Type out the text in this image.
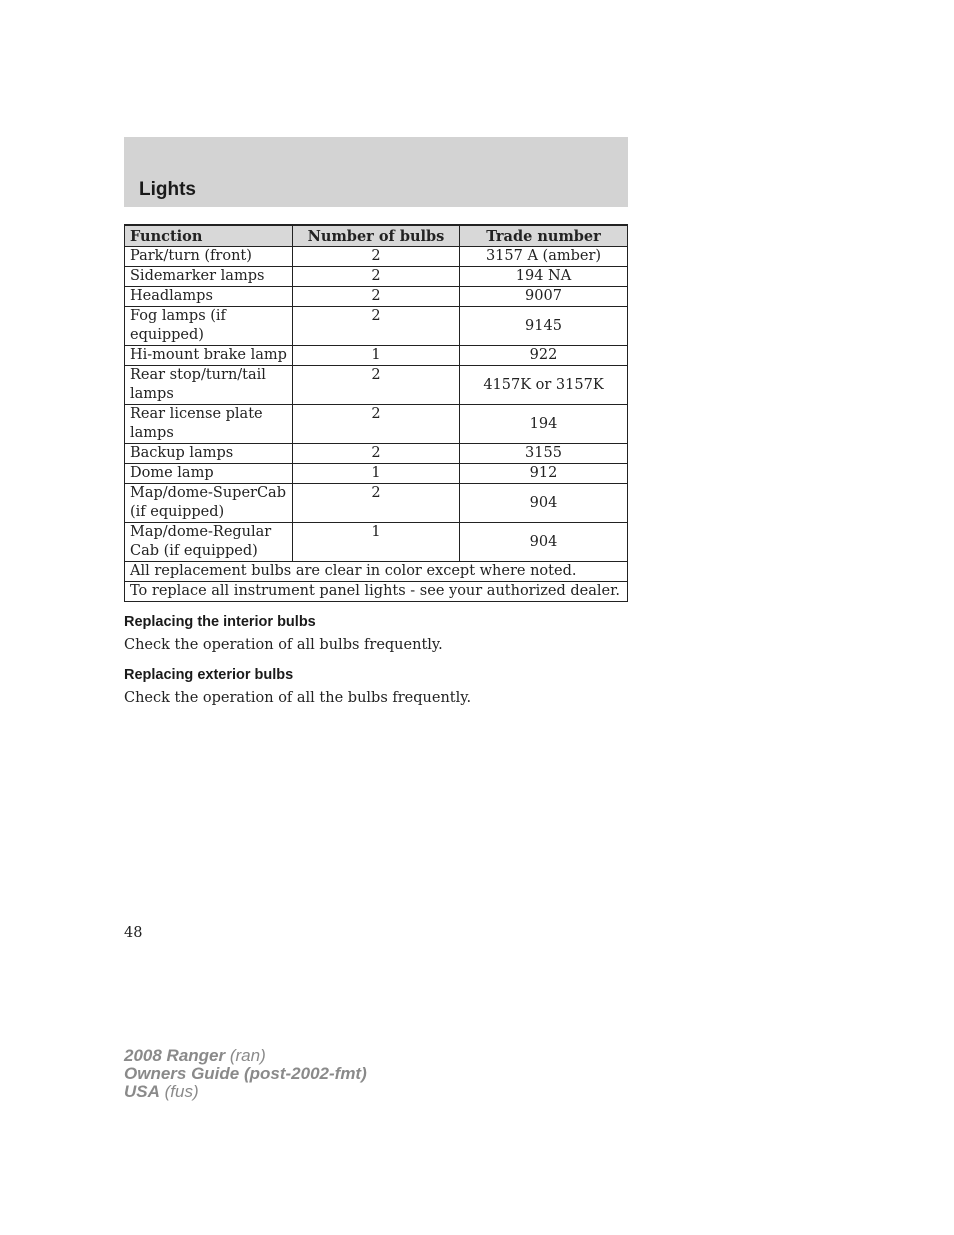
Lights
Function	Number of bulbs	Trade number
Park/turn (front)	2	3157 A (amber)
Sidemarker lamps	2	194 NA
Headlamps	2	9007
Fog lamps (if equipped)	2	9145
Hi-mount brake lamp	1	922
Rear stop/turn/tail lamps	2	4157K or 3157K
Rear license plate lamps	2	194
Backup lamps	2	3155
Dome lamp	1	912
Map/dome-SuperCab (if equipped)	2	904
Map/dome-Regular Cab (if equipped)	1	904
All replacement bulbs are clear in color except where noted.		
To replace all instrument panel lights - see your authorized dealer.		
Replacing the interior bulbs
Check the operation of all bulbs frequently.
Replacing exterior bulbs
Check the operation of all the bulbs frequently.
48
2008 Ranger (ran)
Owners Guide (post-2002-fmt)
USA (fus)
